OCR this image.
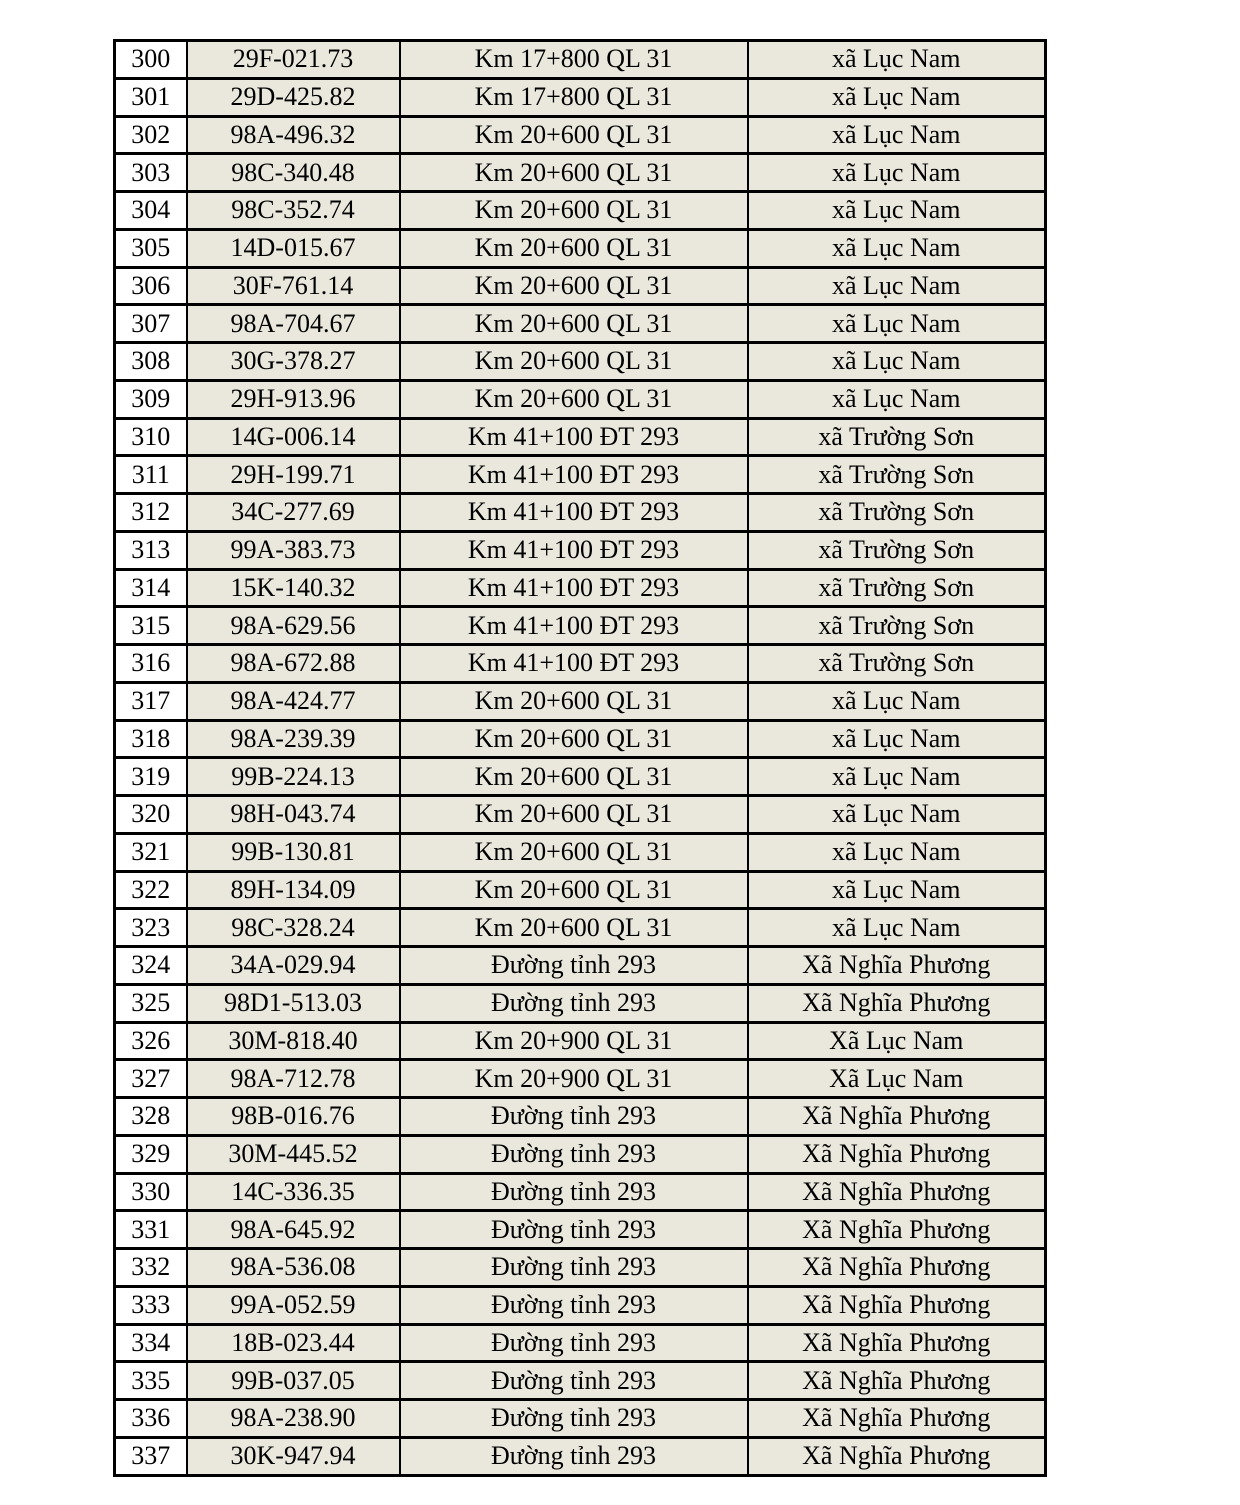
300	29F-021.73	Km 17+800 QL 31	xã Lục Nam
301	29D-425.82	Km 17+800 QL 31	xã Lục Nam
302	98A-496.32	Km 20+600 QL 31	xã Lục Nam
303	98C-340.48	Km 20+600 QL 31	xã Lục Nam
304	98C-352.74	Km 20+600 QL 31	xã Lục Nam
305	14D-015.67	Km 20+600 QL 31	xã Lục Nam
306	30F-761.14	Km 20+600 QL 31	xã Lục Nam
307	98A-704.67	Km 20+600 QL 31	xã Lục Nam
308	30G-378.27	Km 20+600 QL 31	xã Lục Nam
309	29H-913.96	Km 20+600 QL 31	xã Lục Nam
310	14G-006.14	Km 41+100 ĐT 293	xã Trường Sơn
311	29H-199.71	Km 41+100 ĐT 293	xã Trường Sơn
312	34C-277.69	Km 41+100 ĐT 293	xã Trường Sơn
313	99A-383.73	Km 41+100 ĐT 293	xã Trường Sơn
314	15K-140.32	Km 41+100 ĐT 293	xã Trường Sơn
315	98A-629.56	Km 41+100 ĐT 293	xã Trường Sơn
316	98A-672.88	Km 41+100 ĐT 293	xã Trường Sơn
317	98A-424.77	Km 20+600 QL 31	xã Lục Nam
318	98A-239.39	Km 20+600 QL 31	xã Lục Nam
319	99B-224.13	Km 20+600 QL 31	xã Lục Nam
320	98H-043.74	Km 20+600 QL 31	xã Lục Nam
321	99B-130.81	Km 20+600 QL 31	xã Lục Nam
322	89H-134.09	Km 20+600 QL 31	xã Lục Nam
323	98C-328.24	Km 20+600 QL 31	xã Lục Nam
324	34A-029.94	Đường tỉnh 293	Xã Nghĩa Phương
325	98D1-513.03	Đường tỉnh 293	Xã Nghĩa Phương
326	30M-818.40	Km 20+900 QL 31	Xã Lục Nam
327	98A-712.78	Km 20+900 QL 31	Xã Lục Nam
328	98B-016.76	Đường tỉnh 293	Xã Nghĩa Phương
329	30M-445.52	Đường tỉnh 293	Xã Nghĩa Phương
330	14C-336.35	Đường tỉnh 293	Xã Nghĩa Phương
331	98A-645.92	Đường tỉnh 293	Xã Nghĩa Phương
332	98A-536.08	Đường tỉnh 293	Xã Nghĩa Phương
333	99A-052.59	Đường tỉnh 293	Xã Nghĩa Phương
334	18B-023.44	Đường tỉnh 293	Xã Nghĩa Phương
335	99B-037.05	Đường tỉnh 293	Xã Nghĩa Phương
336	98A-238.90	Đường tỉnh 293	Xã Nghĩa Phương
337	30K-947.94	Đường tỉnh 293	Xã Nghĩa Phương
